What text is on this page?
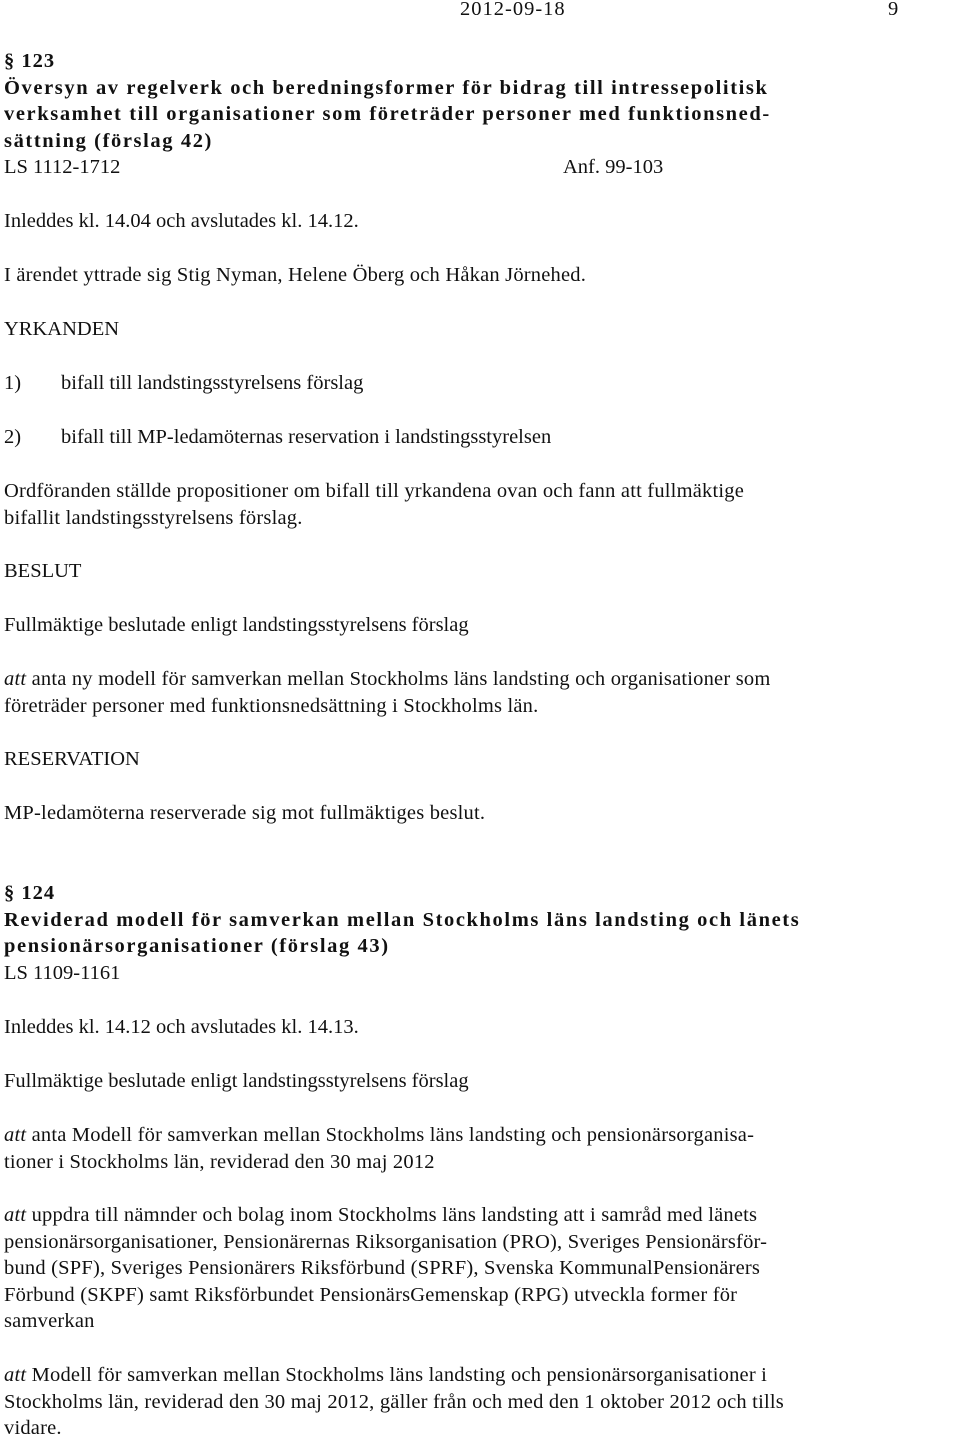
2012-09-18	9
§ 123
Översyn av regelverk och beredningsformer för bidrag till intressepolitisk
verksamhet till organisationer som företräder personer med funktionsned-
sättning (förslag 42)
LS 1112-1712	Anf. 99-103
Inleddes kl. 14.04 och avslutades kl. 14.12.
I ärendet yttrade sig Stig Nyman, Helene Öberg och Håkan Jörnehed.
YRKANDEN
1) bifall till landstingsstyrelsens förslag
2) bifall till MP-ledamöternas reservation i landstingsstyrelsen
Ordföranden ställde propositioner om bifall till yrkandena ovan och fann att fullmäktige
bifallit landstingsstyrelsens förslag.
BESLUT
Fullmäktige beslutade enligt landstingsstyrelsens förslag
att anta ny modell för samverkan mellan Stockholms läns landsting och organisationer som
företräder personer med funktionsnedsättning i Stockholms län.
RESERVATION
MP-ledamöterna reserverade sig mot fullmäktiges beslut.
§ 124
Reviderad modell för samverkan mellan Stockholms läns landsting och länets
pensionärsorganisationer (förslag 43)
LS 1109-1161
Inleddes kl. 14.12 och avslutades kl. 14.13.
Fullmäktige beslutade enligt landstingsstyrelsens förslag
att anta Modell för samverkan mellan Stockholms läns landsting och pensionärsorganisa-
tioner i Stockholms län, reviderad den 30 maj 2012
att uppdra till nämnder och bolag inom Stockholms läns landsting att i samråd med länets
pensionärsorganisationer, Pensionärernas Riksorganisation (PRO), Sveriges Pensionärsför-
bund (SPF), Sveriges Pensionärers Riksförbund (SPRF), Svenska KommunalPensionärers
Förbund (SKPF) samt Riksförbundet PensionärsGemenskap (RPG) utveckla former för
samverkan
att Modell för samverkan mellan Stockholms läns landsting och pensionärsorganisationer i
Stockholms län, reviderad den 30 maj 2012, gäller från och med den 1 oktober 2012 och tills
vidare.
